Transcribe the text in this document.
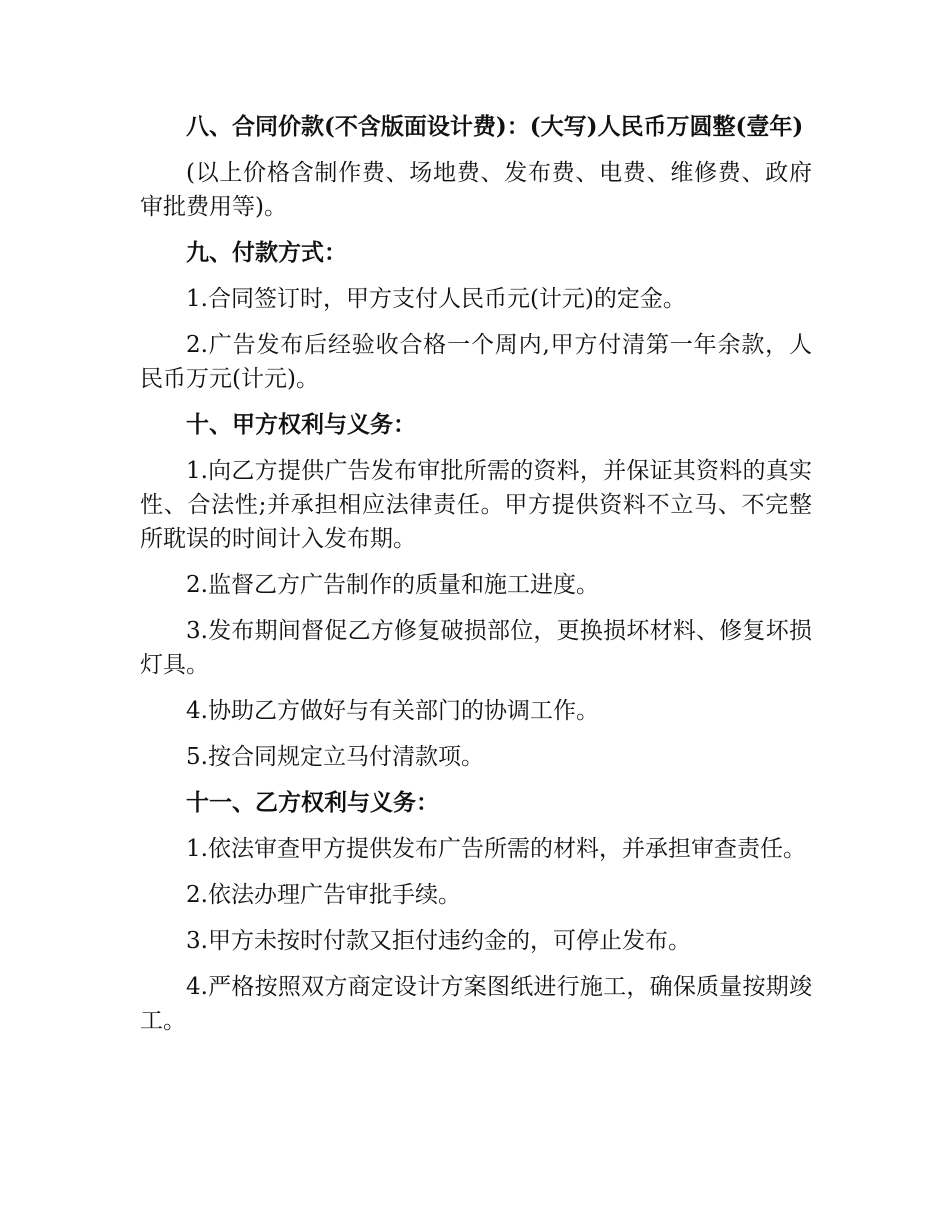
八、合同价款(不含版面设计费)：(大写)人民币万圆整(壹年)

(以上价格含制作费、场地费、发布费、电费、维修费、政府审批费用等)。

九、付款方式：

1.合同签订时，甲方支付人民币元(计元)的定金。

2.广告发布后经验收合格一个周内,甲方付清第一年余款，人民币万元(计元)。

十、甲方权利与义务：

1.向乙方提供广告发布审批所需的资料，并保证其资料的真实性、合法性;并承担相应法律责任。甲方提供资料不立马、不完整所耽误的时间计入发布期。

2.监督乙方广告制作的质量和施工进度。

3.发布期间督促乙方修复破损部位，更换损坏材料、修复坏损灯具。

4.协助乙方做好与有关部门的协调工作。

5.按合同规定立马付清款项。

十一、乙方权利与义务：

1.依法审查甲方提供发布广告所需的材料，并承担审查责任。

2.依法办理广告审批手续。

3.甲方未按时付款又拒付违约金的，可停止发布。

4.严格按照双方商定设计方案图纸进行施工，确保质量按期竣工。
